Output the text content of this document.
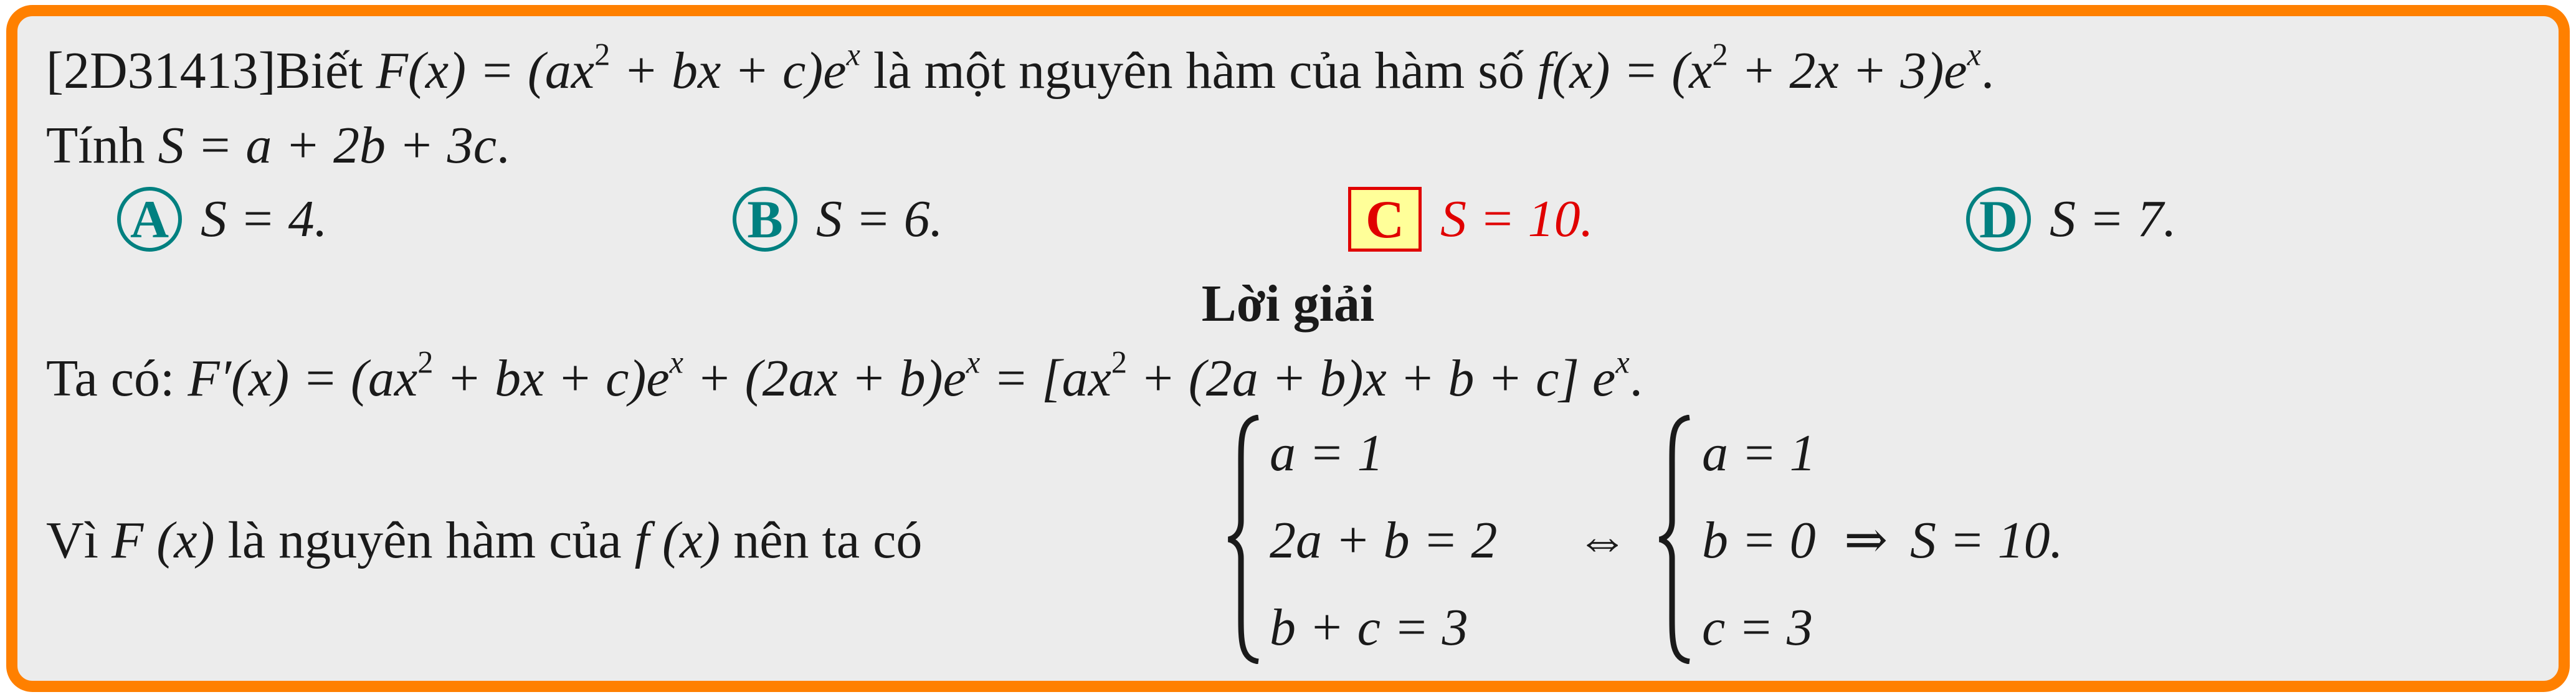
[2D31413]Biết $F(x) = (ax^2$ + bx + $c)e^x$ là một nguyên hàm của hàm số $f(x) = (x^2 + 2x + 3)e^x$.
Tính S = a + 2b + 3c.
A S = 4.	B S = 6.	C S = 10.	D S = 7.
Lời giải
Ta có: $F'(x) = (ax^2$ + bx + $c)e^x + (2ax + b)e^x = [ax^2 + (2a + b)x + b + c]$ $e^x$.
Vì F (x) là nguyên hàm của f (x) nên ta có
a = 1
2a + b = 2
b + c = 3
⇔
a = 1
b = 0
c = 3
⇒ S = 10.
